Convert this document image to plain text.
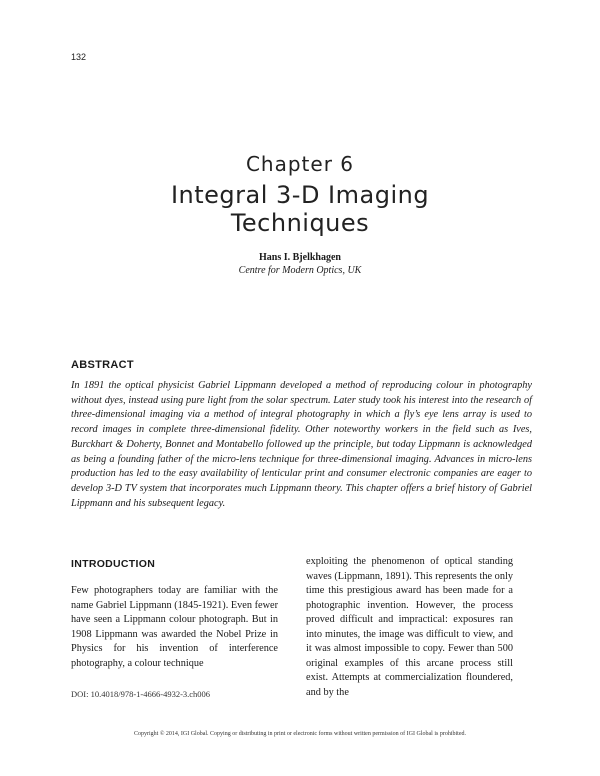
132
Chapter 6
Integral 3-D Imaging Techniques
Hans I. Bjelkhagen
Centre for Modern Optics, UK
ABSTRACT
In 1891 the optical physicist Gabriel Lippmann developed a method of reproducing colour in photography without dyes, instead using pure light from the solar spectrum. Later study took his interest into the research of three-dimensional imaging via a method of integral photography in which a fly’s eye lens array is used to record images in complete three-dimensional fidelity. Other noteworthy workers in the field such as Ives, Burckhart & Doherty, Bonnet and Montabello followed up the principle, but today Lippmann is acknowledged as being a founding father of the micro-lens technique for three-dimensional imaging. Advances in micro-lens production has led to the easy availability of lenticular print and consumer electronic companies are eager to develop 3-D TV system that incorporates much Lippmann theory. This chapter offers a brief history of Gabriel Lippmann and his subsequent legacy.
INTRODUCTION
Few photographers today are familiar with the name Gabriel Lippmann (1845-1921). Even fewer have seen a Lippmann colour photograph. But in 1908 Lippmann was awarded the Nobel Prize in Physics for his invention of interference photography, a colour technique
exploiting the phenomenon of optical standing waves (Lippmann, 1891). This represents the only time this prestigious award has been made for a photographic invention. However, the process proved difficult and impractical: exposures ran into minutes, the image was difficult to view, and it was almost impossible to copy. Fewer than 500 original examples of this arcane process still exist. Attempts at commercialization floundered, and by the
DOI: 10.4018/978-1-4666-4932-3.ch006
Copyright © 2014, IGI Global. Copying or distributing in print or electronic forms without written permission of IGI Global is prohibited.
